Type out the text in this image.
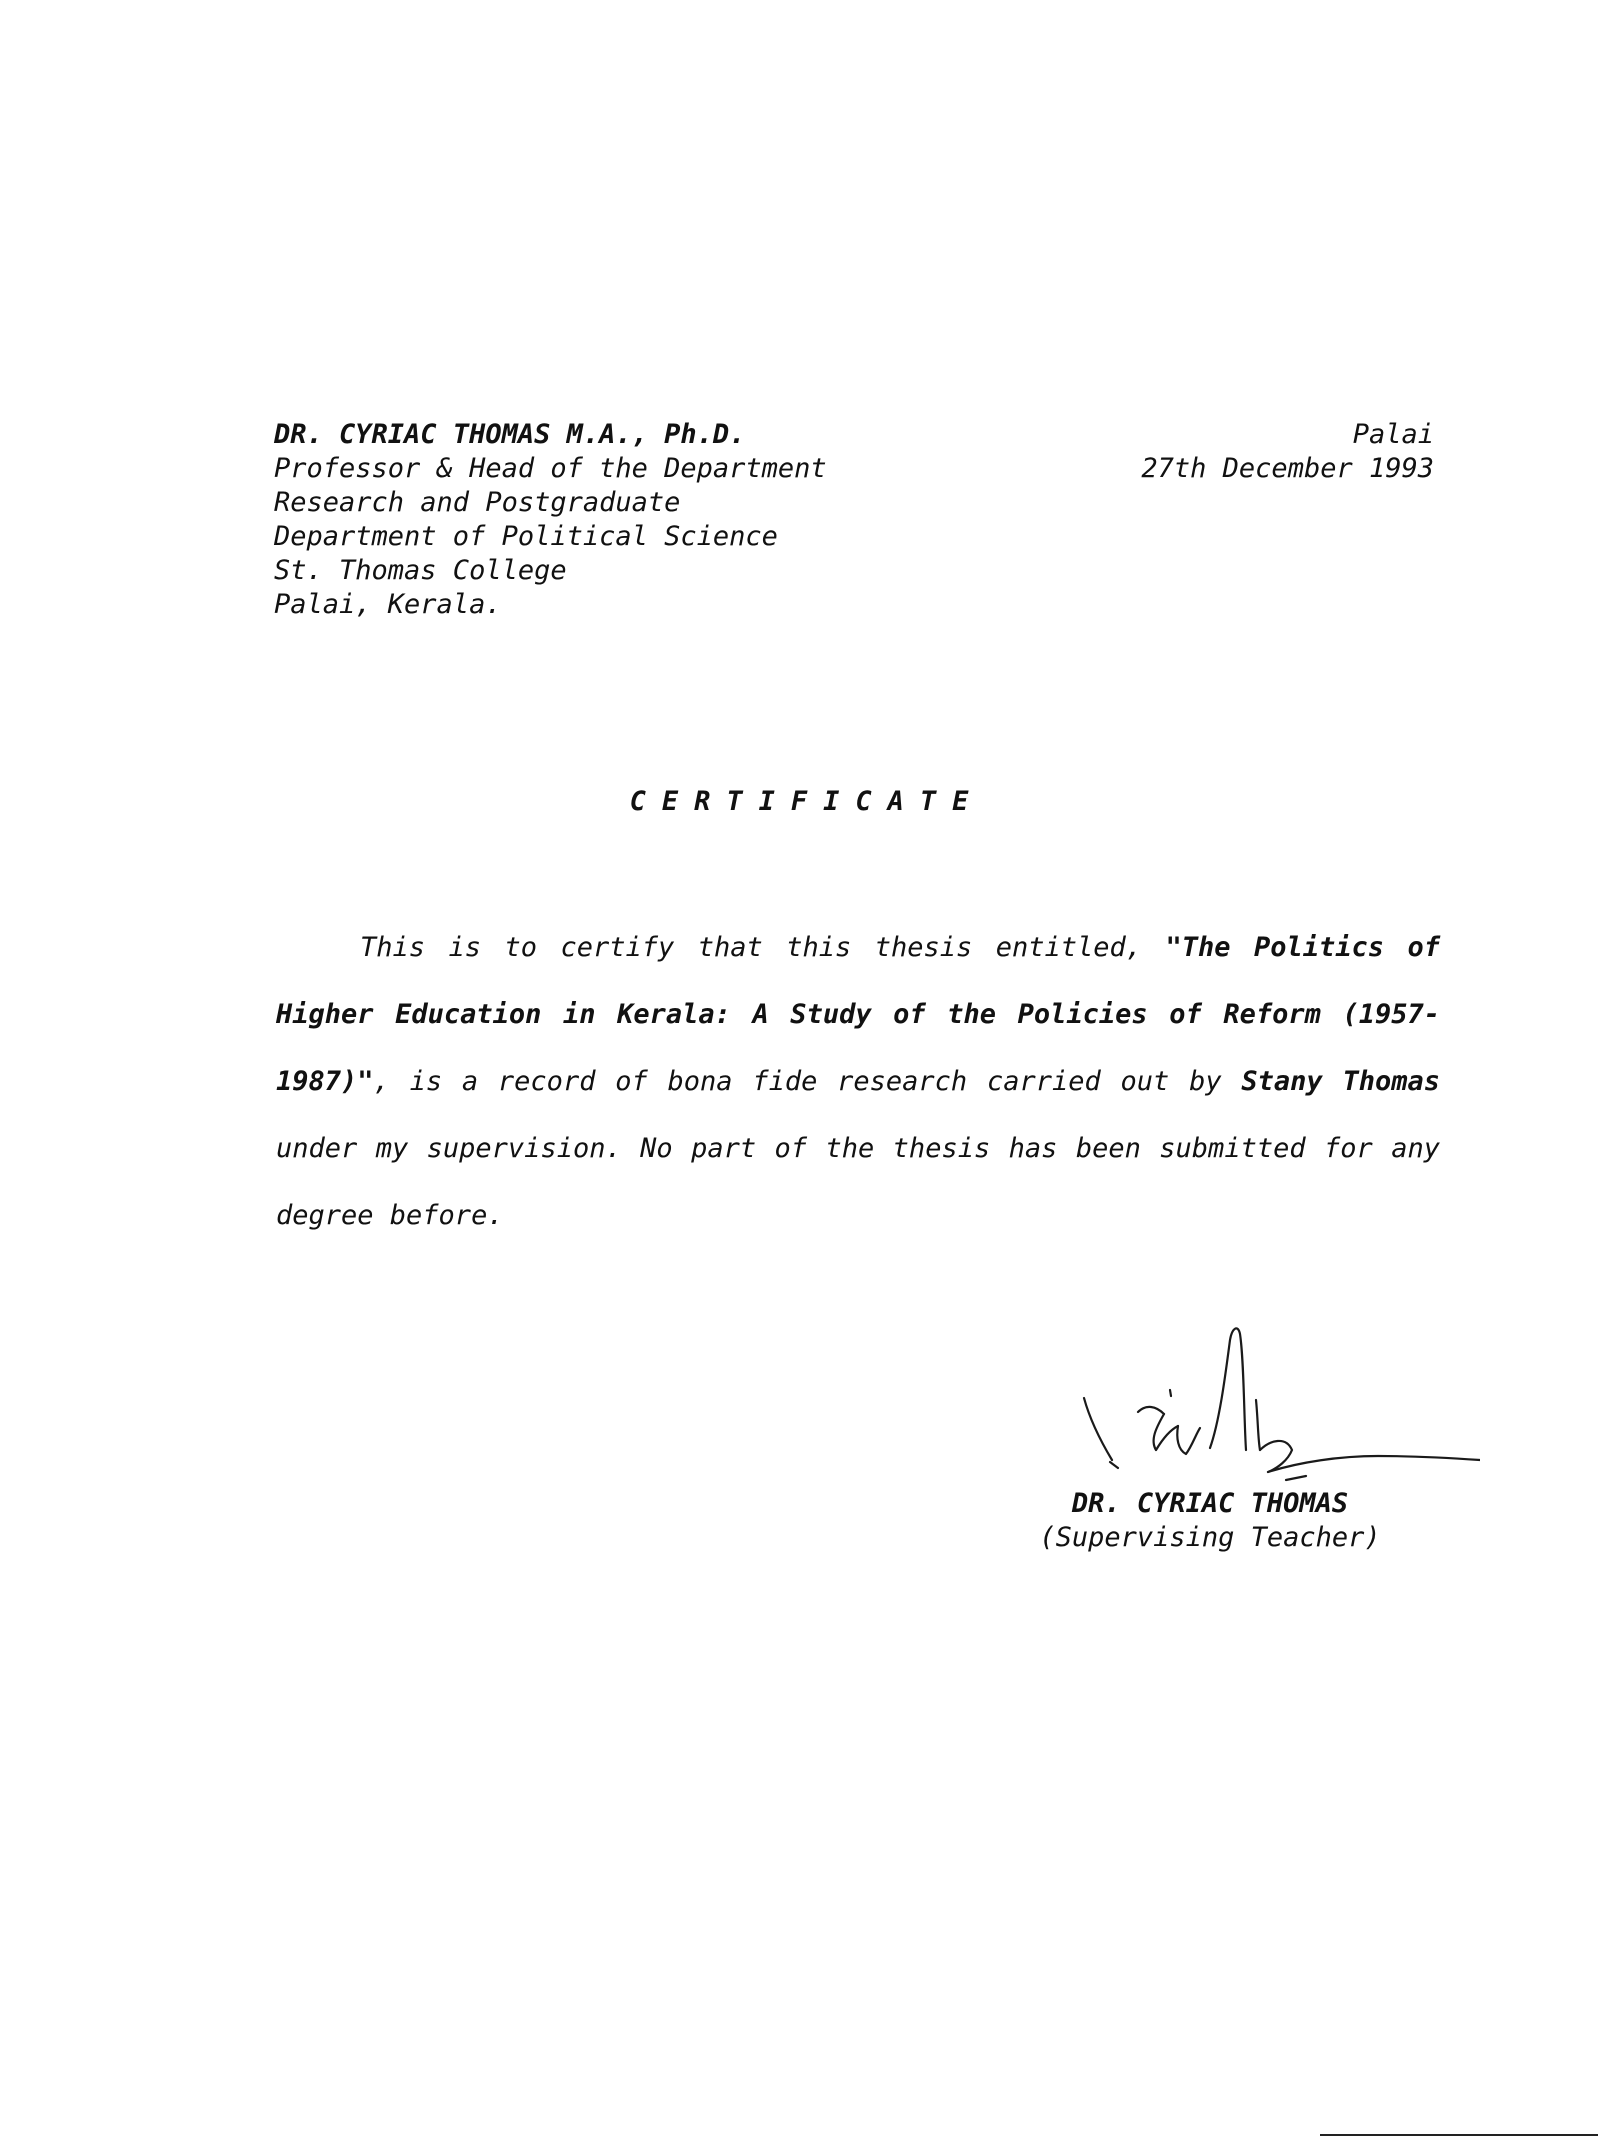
DR. CYRIAC THOMAS M.A., Ph.D.
Professor & Head of the Department
Research and Postgraduate
Department of Political Science
St. Thomas College
Palai, Kerala.
Palai
27th December 1993
CERTIFICATE
This is to certify that this thesis entitled, "The Politics of Higher Education in Kerala: A Study of the Policies of Reform (1957-1987)", is a record of bona fide research carried out by Stany Thomas under my supervision. No part of the thesis has been submitted for any degree before.
DR. CYRIAC THOMAS
(Supervising Teacher)
